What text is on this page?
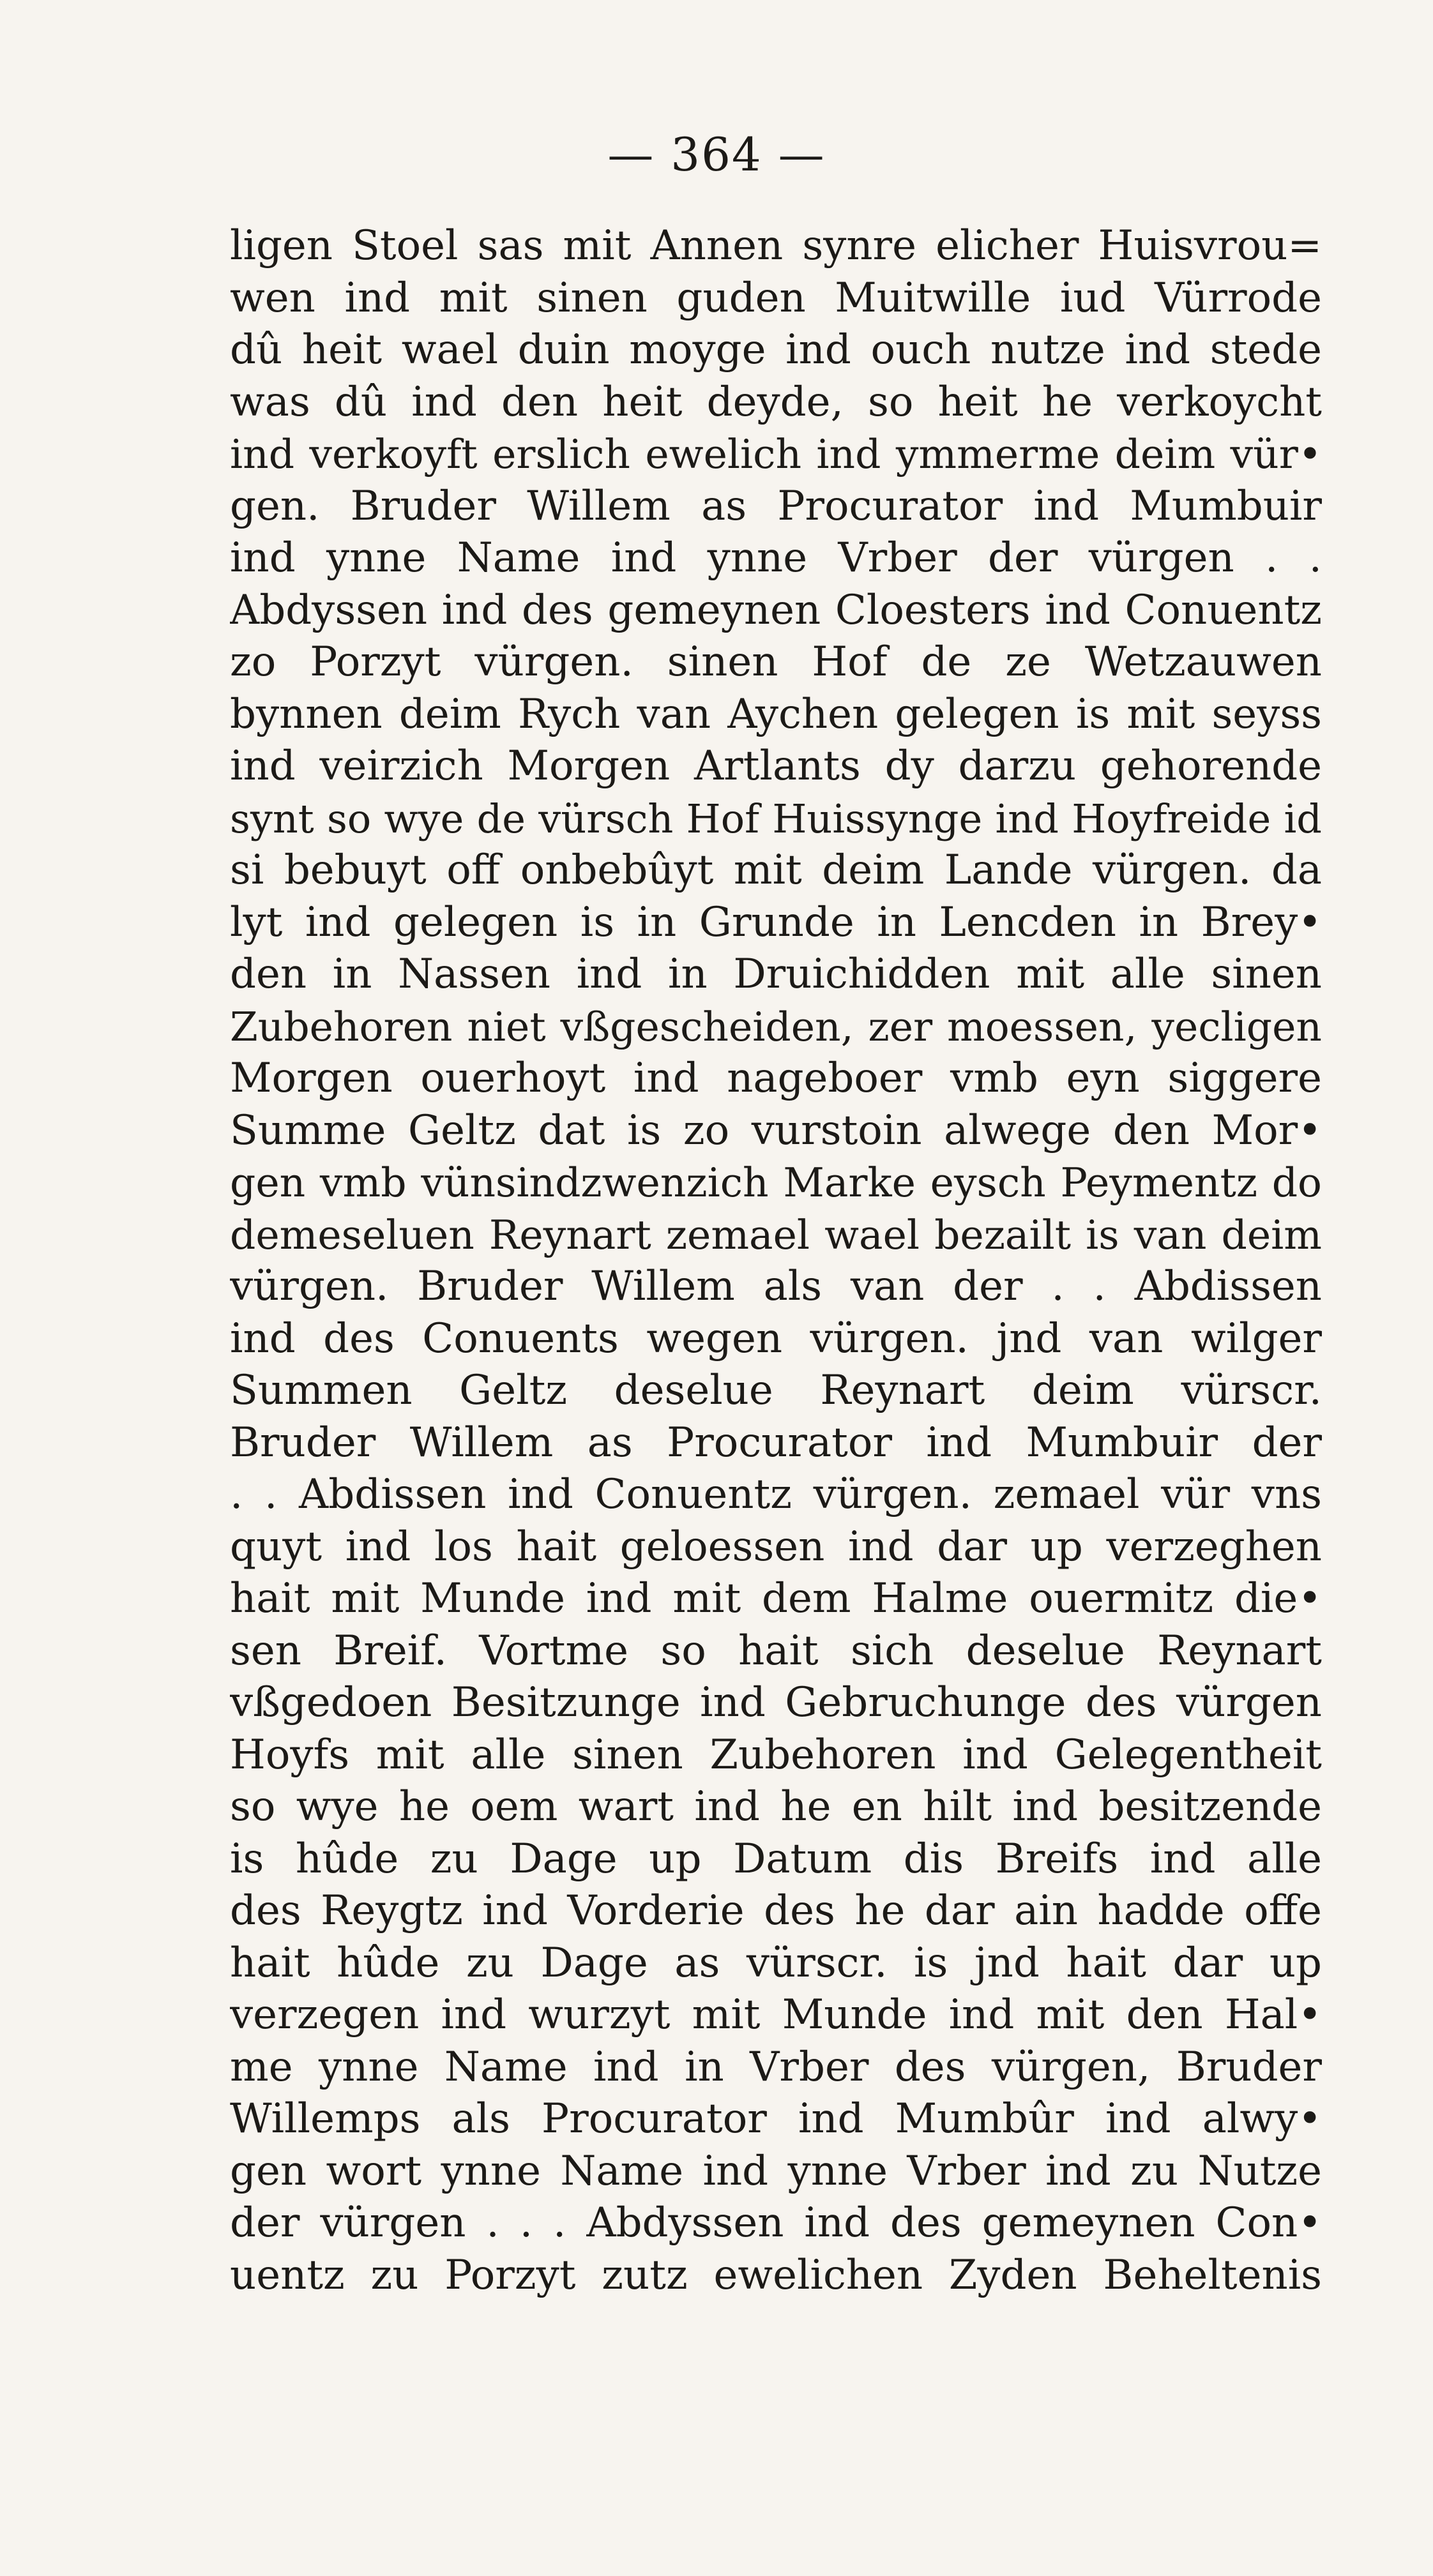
— 364 —
ligen Stoel sas mit Annen synre elicher Huisvrou=
wen ind mit sinen guden Muitwille iud Vürrode
dû heit wael duin moyge ind ouch nutze ind stede
was dû ind den heit deyde, so heit he verkoycht
ind verkoyft erslich ewelich ind ymmerme deim vür•
gen. Bruder Willem as Procurator ind Mumbuir
ind ynne Name ind ynne Vrber der vürgen . .
Abdyssen ind des gemeynen Cloesters ind Conuentz
zo Porzyt vürgen. sinen Hof de ze Wetzauwen
bynnen deim Rych van Aychen gelegen is mit seyss
ind veirzich Morgen Artlants dy darzu gehorende
synt so wye de vürsch Hof Huissynge ind Hoyfreide id
si bebuyt off onbebûyt mit deim Lande vürgen. da
lyt ind gelegen is in Grunde in Lencden in Brey•
den in Nassen ind in Druichidden mit alle sinen
Zubehoren niet vßgescheiden, zer moessen, yecligen
Morgen ouerhoyt ind nageboer vmb eyn siggere
Summe Geltz dat is zo vurstoin alwege den Mor•
gen vmb vünsindzwenzich Marke eysch Peymentz do
demeseluen Reynart zemael wael bezailt is van deim
vürgen. Bruder Willem als van der . . Abdissen
ind des Conuents wegen vürgen. jnd van wilger
Summen Geltz deselue Reynart deim vürscr.
Bruder Willem as Procurator ind Mumbuir der
. . Abdissen ind Conuentz vürgen. zemael vür vns
quyt ind los hait geloessen ind dar up verzeghen
hait mit Munde ind mit dem Halme ouermitz die•
sen Breif. Vortme so hait sich deselue Reynart
vßgedoen Besitzunge ind Gebruchunge des vürgen
Hoyfs mit alle sinen Zubehoren ind Gelegentheit
so wye he oem wart ind he en hilt ind besitzende
is hûde zu Dage up Datum dis Breifs ind alle
des Reygtz ind Vorderie des he dar ain hadde offe
hait hûde zu Dage as vürscr. is jnd hait dar up
verzegen ind wurzyt mit Munde ind mit den Hal•
me ynne Name ind in Vrber des vürgen, Bruder
Willemps als Procurator ind Mumbûr ind alwy•
gen wort ynne Name ind ynne Vrber ind zu Nutze
der vürgen . . . Abdyssen ind des gemeynen Con•
uentz zu Porzyt zutz ewelichen Zyden Beheltenis
